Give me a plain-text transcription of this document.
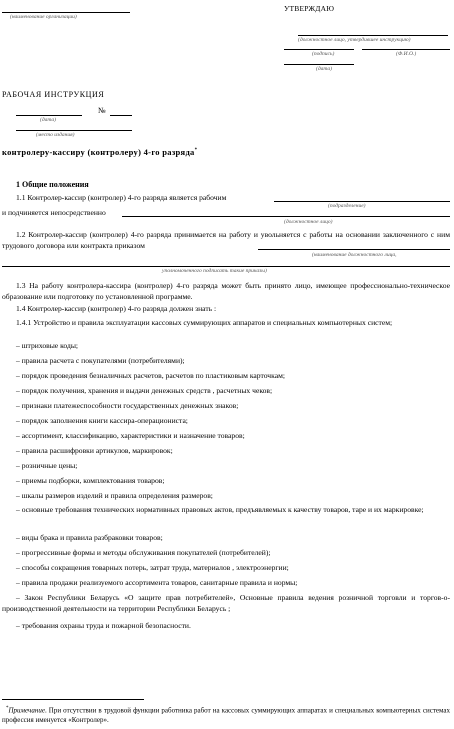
(наименование организации)
УТВЕРЖДАЮ
(должностное лицо, утвердившее инструкцию)
(подпись)	(Ф.И.О.)
(дата)
РАБОЧАЯ ИНСТРУКЦИЯ
№
(дата)
(место издания)
контролеру-кассиру (контролеру) 4-го разряда*
1 Общие положения
1.1 Контролер-кассир (контролер) 4-го разряда является рабочим
(подразделение)
и подчиняется непосредственно
(должностное лицо)
1.2 Контролер-кассир (контролер) 4-го разряда принимается на работу и увольняется с работы на основании заключенного с ним трудового договора или контракта приказом
(наименование должностного лица,
уполномоченного подписать такие приказы)
1.3 На работу контролера-кассира (контролер) 4-го разряда может быть принято лицо, имеющее профессионально-техническое образование или подготовку по установленной программе.
1.4 Контролер-кассир (контролер) 4-го разряда должен знать :
1.4.1 Устройство и правила эксплуатации кассовых суммирующих аппаратов и специальных компьютерных систем;
– штриховые коды;
– правила расчета с покупателями (потребителями);
– порядок проведения безналичных расчетов, расчетов по пластиковым карточкам;
– порядок получения, хранения и выдачи денежных средств , расчетных чеков;
– признаки платежеспособности государственных денежных знаков;
– порядок заполнения книги кассира-операциониста;
– ассортимент, классификацию, характеристики и назначение товаров;
– правила расшифровки артикулов, маркировок;
– розничные цены;
– приемы подборки, комплектования товаров;
– шкалы размеров изделий и правила определения размеров;
– основные требования технических нормативных правовых актов, предъявляемых к качеству товаров, таре и их маркировке;
– виды брака и правила разбраковки товаров;
– прогрессивные формы и методы обслуживания покупателей (потребителей);
– способы сокращения товарных потерь, затрат труда, материалов , электроэнергии;
– правила продажи реализуемого ассортимента товаров, санитарные правила и нормы;
– Закон Республики Беларусь «О защите прав потребителей», Основные правила ведения розничной торговли и торгов-о-производственной деятельности на территории Республики Беларусь ;
– требования охраны труда и пожарной безопасности.
*Примечание. При отсутствии в трудовой функции работника работ на кассовых суммирующих аппаратах и специальных компьютерных системах профессия именуется «Контролер».
